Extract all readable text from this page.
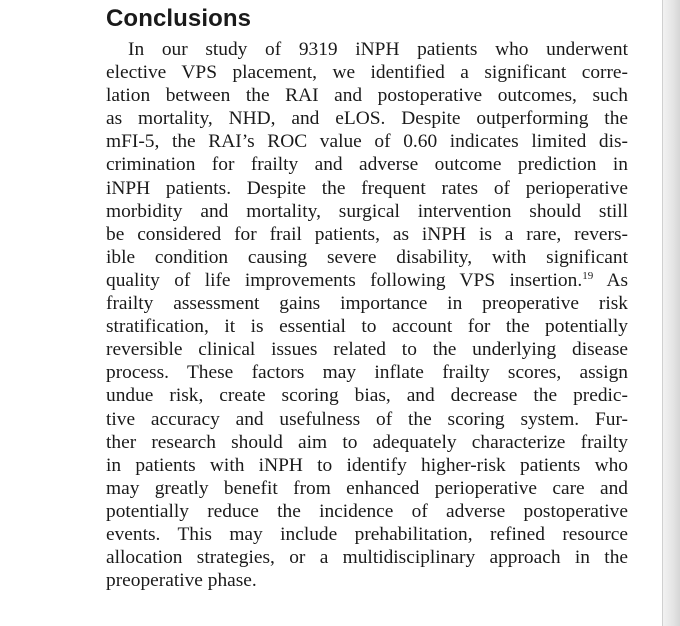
Conclusions
In our study of 9319 iNPH patients who underwent
elective VPS placement, we identified a significant corre-
lation between the RAI and postoperative outcomes, such
as mortality, NHD, and eLOS. Despite outperforming the
mFI-5, the RAI’s ROC value of 0.60 indicates limited dis-
crimination for frailty and adverse outcome prediction in
iNPH patients. Despite the frequent rates of perioperative
morbidity and mortality, surgical intervention should still
be considered for frail patients, as iNPH is a rare, revers-
ible condition causing severe disability, with significant
quality of life improvements following VPS insertion.$^{19}$ As
frailty assessment gains importance in preoperative risk
stratification, it is essential to account for the potentially
reversible clinical issues related to the underlying disease
process. These factors may inflate frailty scores, assign
undue risk, create scoring bias, and decrease the predic-
tive accuracy and usefulness of the scoring system. Fur-
ther research should aim to adequately characterize frailty
in patients with iNPH to identify higher-risk patients who
may greatly benefit from enhanced perioperative care and
potentially reduce the incidence of adverse postoperative
events. This may include prehabilitation, refined resource
allocation strategies, or a multidisciplinary approach in the
preoperative phase.
